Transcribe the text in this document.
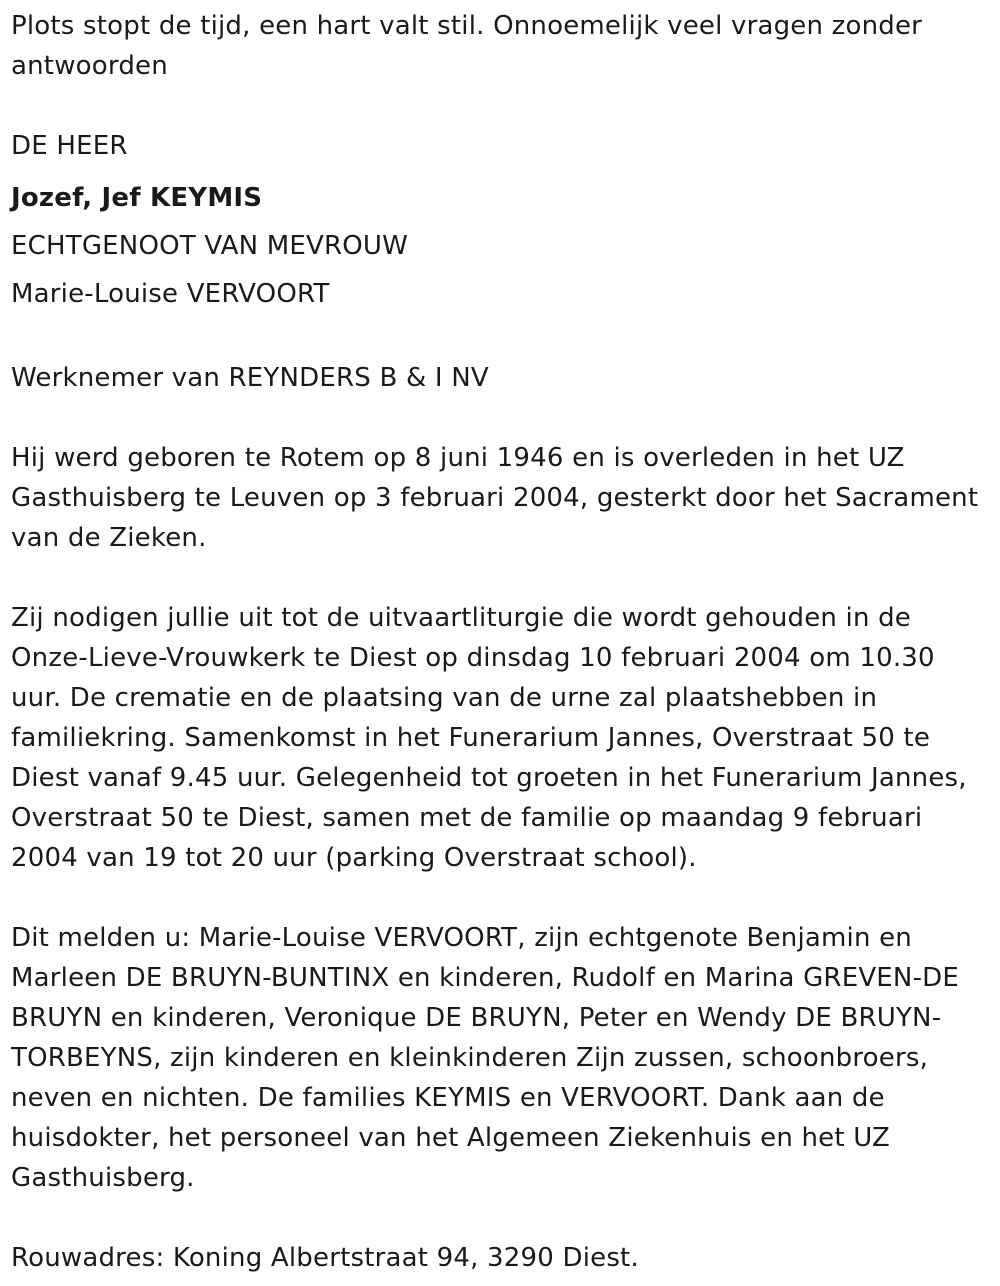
Plots stopt de tijd, een hart valt stil. Onnoemelijk veel vragen zonder antwoorden

DE HEER
Jozef, Jef KEYMIS
ECHTGENOOT VAN MEVROUW
Marie-Louise VERVOORT

Werknemer van REYNDERS B & I NV

Hij werd geboren te Rotem op 8 juni 1946 en is overleden in het UZ Gasthuisberg te Leuven op 3 februari 2004, gesterkt door het Sacrament van de Zieken.

Zij nodigen jullie uit tot de uitvaartliturgie die wordt gehouden in de Onze-Lieve-Vrouwkerk te Diest op dinsdag 10 februari 2004 om 10.30 uur. De crematie en de plaatsing van de urne zal plaatshebben in familiekring. Samenkomst in het Funerarium Jannes, Overstraat 50 te Diest vanaf 9.45 uur. Gelegenheid tot groeten in het Funerarium Jannes, Overstraat 50 te Diest, samen met de familie op maandag 9 februari 2004 van 19 tot 20 uur (parking Overstraat school).

Dit melden u: Marie-Louise VERVOORT, zijn echtgenote Benjamin en Marleen DE BRUYN-BUNTINX en kinderen, Rudolf en Marina GREVEN-DE BRUYN en kinderen, Veronique DE BRUYN, Peter en Wendy DE BRUYN-TORBEYNS, zijn kinderen en kleinkinderen Zijn zussen, schoonbroers, neven en nichten. De families KEYMIS en VERVOORT. Dank aan de huisdokter, het personeel van het Algemeen Ziekenhuis en het UZ Gasthuisberg.

Rouwadres: Koning Albertstraat 94, 3290 Diest.
